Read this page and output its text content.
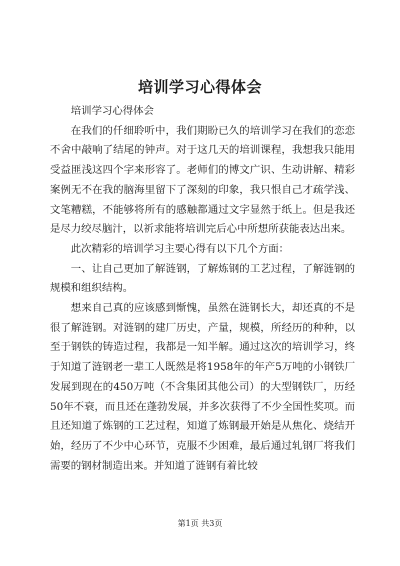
培训学习心得体会

培训学习心得体会

在我们的仟细聆听中，我们期盼已久的培训学习在我们的恋恋不舍中敲响了结尾的钟声。对于这几天的培训课程，我想我只能用受益匪浅这四个字来形容了。老师们的博文广识、生动讲解、精彩案例无不在我的脑海里留下了深刻的印象，我只恨自己才疏学浅、文笔糟糕，不能够将所有的感触都通过文字显然于纸上。但是我还是尽力绞尽脑汁，以祈求能将培训完后心中所想所获能表达出来。

此次精彩的培训学习主要心得有以下几个方面：

一、让自己更加了解涟钢，了解炼钢的工艺过程，了解涟钢的规模和组织结构。

想来自己真的应该感到惭愧，虽然在涟钢长大，却还真的不是很了解涟钢。对涟钢的建厂历史，产量，规模，所经历的种种，以至于钢铁的铸造过程，我都是一知半解。通过这次的培训学习，终于知道了涟钢老一辈工人既然是将1958年的年产5万吨的小钢铁厂发展到现在的450万吨（不含集团其他公司）的大型钢铁厂，历经50年不衰，而且还在蓬勃发展，并多次获得了不少全国性奖项。而且还知道了炼钢的工艺过程，知道了炼钢最开始是从焦化、烧结开始，经历了不少中心环节，克服不少困难，最后通过轧钢厂将我们需要的钢材制造出来。并知道了涟钢有着比较

第1页 共3页
